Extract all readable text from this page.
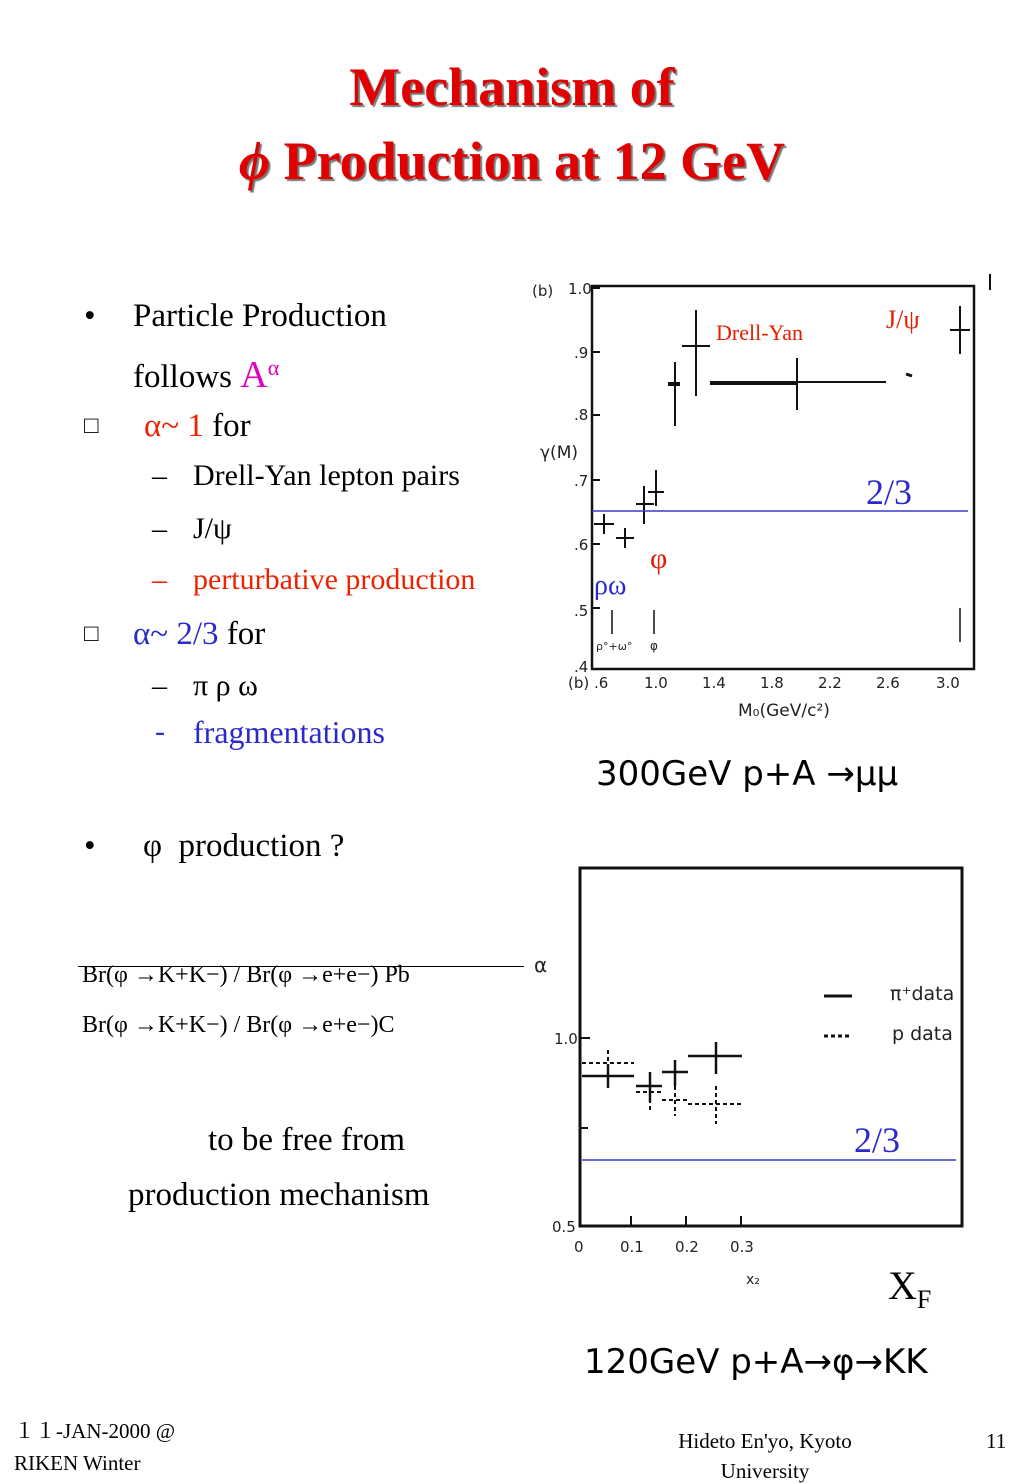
Mechanism of
ϕ Production at 12 GeV
• Particle Production
follows $A^\alpha$
□ α~ 1 for
– Drell-Yan lepton pairs
– J/ψ
– perturbative production
□ α~ 2/3 for
– π ρ ω
- fragmentations
• φ production ?
Br(φ →K+K−) / Br(φ →e+e−) Pb
Br(φ →K+K−) / Br(φ →e+e−)C
to be free from
production mechanism
(b) 1.0
.9
.8
.7
.6
.5
.4
γ(M)
(b) .6 1.0 1.4 1.8 2.2 2.6 3.0
M₀(GeV/c²)
ρ°+ω° φ
Drell-Yan	J/ψ
2/3
φ
ρω
300GeV p+A →μμ
α
1.0
0.5
0 0.1 0.2 0.3
x₂
π⁺data
p data
2/3
$X_F$
120GeV p+A→φ→KK
１１-JAN-2000 @
RIKEN Winter
Hideto En'yo, Kyoto
University
11
